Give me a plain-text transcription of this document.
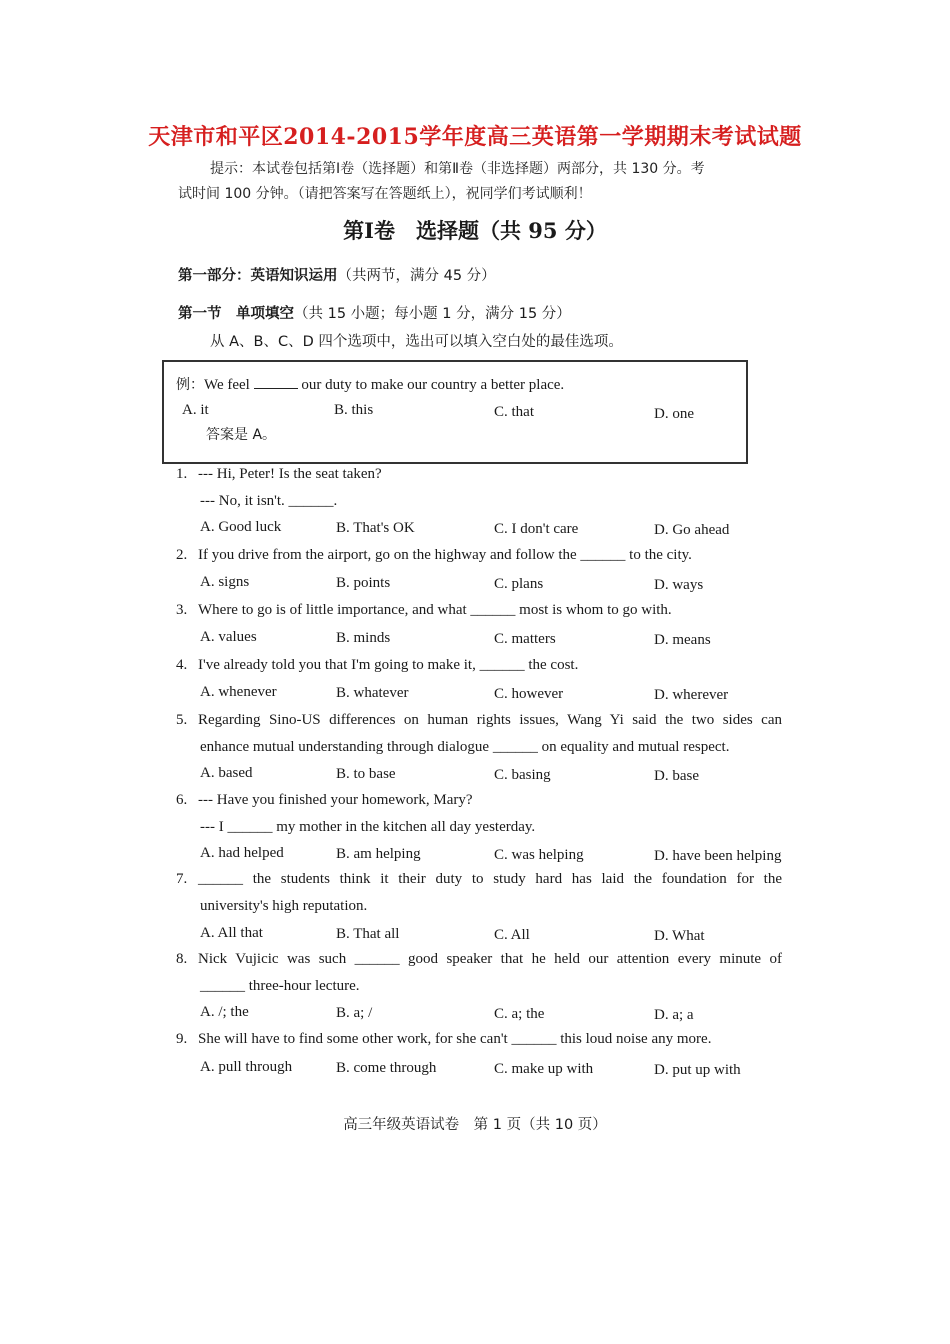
天津市和平区2014-2015学年度高三英语第一学期期末考试试题
提示：本试卷包括第Ⅰ卷（选择题）和第Ⅱ卷（非选择题）两部分，共 130 分。考
试时间 100 分钟。（请把答案写在答题纸上），祝同学们考试顺利！
第Ⅰ卷　选择题（共 95 分）
第一部分：英语知识运用（共两节，满分 45 分）
第一节　单项填空（共 15 小题；每小题 1 分，满分 15 分）
从 A、B、C、D 四个选项中，选出可以填入空白处的最佳选项。
例：We feel	our duty to make our country a better place.
A. it	B. this	C. that	D. one
答案是 A。
1. --- Hi, Peter! Is the seat taken?
--- No, it isn't. ______.
A. Good luck	B. That's OK	C. I don't care	D. Go ahead
2. If you drive from the airport, go on the highway and follow the ______ to the city.
A. signs	B. points	C. plans	D. ways
3. Where to go is of little importance, and what ______ most is whom to go with.
A. values	B. minds	C. matters	D. means
4. I've already told you that I'm going to make it, ______ the cost.
A. whenever	B. whatever	C. however	D. wherever
5. Regarding Sino-US differences on human rights issues, Wang Yi said the two sides can
enhance mutual understanding through dialogue ______ on equality and mutual respect.
A. based	B. to base	C. basing	D. base
6. --- Have you finished your homework, Mary?
--- I ______ my mother in the kitchen all day yesterday.
A. had helped	B. am helping	C. was helping	D. have been helping
7. ______ the students think it their duty to study hard has laid the foundation for the
university's high reputation.
A. All that	B. That all	C. All	D. What
8. Nick Vujicic was such ______ good speaker that he held our attention every minute of
______ three-hour lecture.
A. /; the	B. a; /	C. a; the	D. a; a
9. She will have to find some other work, for she can't ______ this loud noise any more.
A. pull through	B. come through	C. make up with	D. put up with
高三年级英语试卷　第 1 页（共 10 页）
